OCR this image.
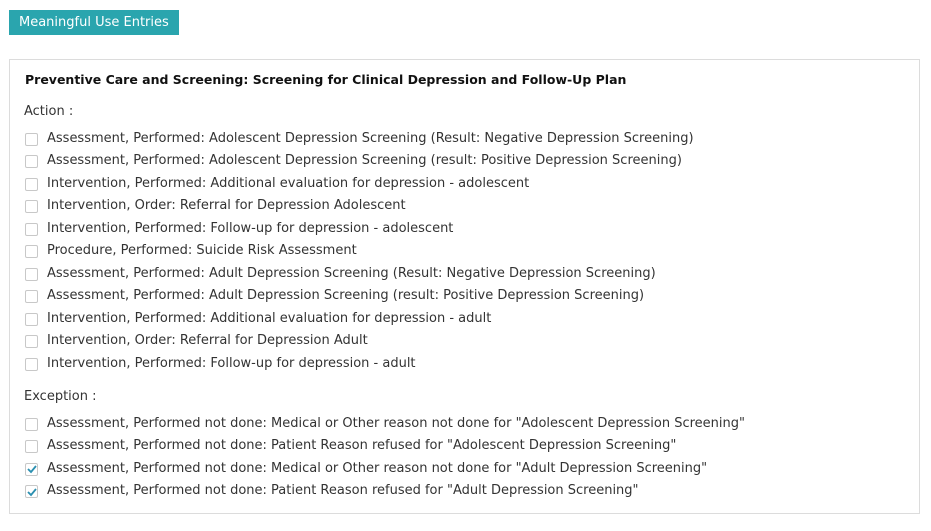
Meaningful Use Entries
Preventive Care and Screening: Screening for Clinical Depression and Follow-Up Plan
Action :
Assessment, Performed: Adolescent Depression Screening (Result: Negative Depression Screening)
Assessment, Performed: Adolescent Depression Screening (result: Positive Depression Screening)
Intervention, Performed: Additional evaluation for depression - adolescent
Intervention, Order: Referral for Depression Adolescent
Intervention, Performed: Follow-up for depression - adolescent
Procedure, Performed: Suicide Risk Assessment
Assessment, Performed: Adult Depression Screening (Result: Negative Depression Screening)
Assessment, Performed: Adult Depression Screening (result: Positive Depression Screening)
Intervention, Performed: Additional evaluation for depression - adult
Intervention, Order: Referral for Depression Adult
Intervention, Performed: Follow-up for depression - adult
Exception :
Assessment, Performed not done: Medical or Other reason not done for "Adolescent Depression Screening"
Assessment, Performed not done: Patient Reason refused for "Adolescent Depression Screening"
Assessment, Performed not done: Medical or Other reason not done for "Adult Depression Screening"
Assessment, Performed not done: Patient Reason refused for "Adult Depression Screening"
